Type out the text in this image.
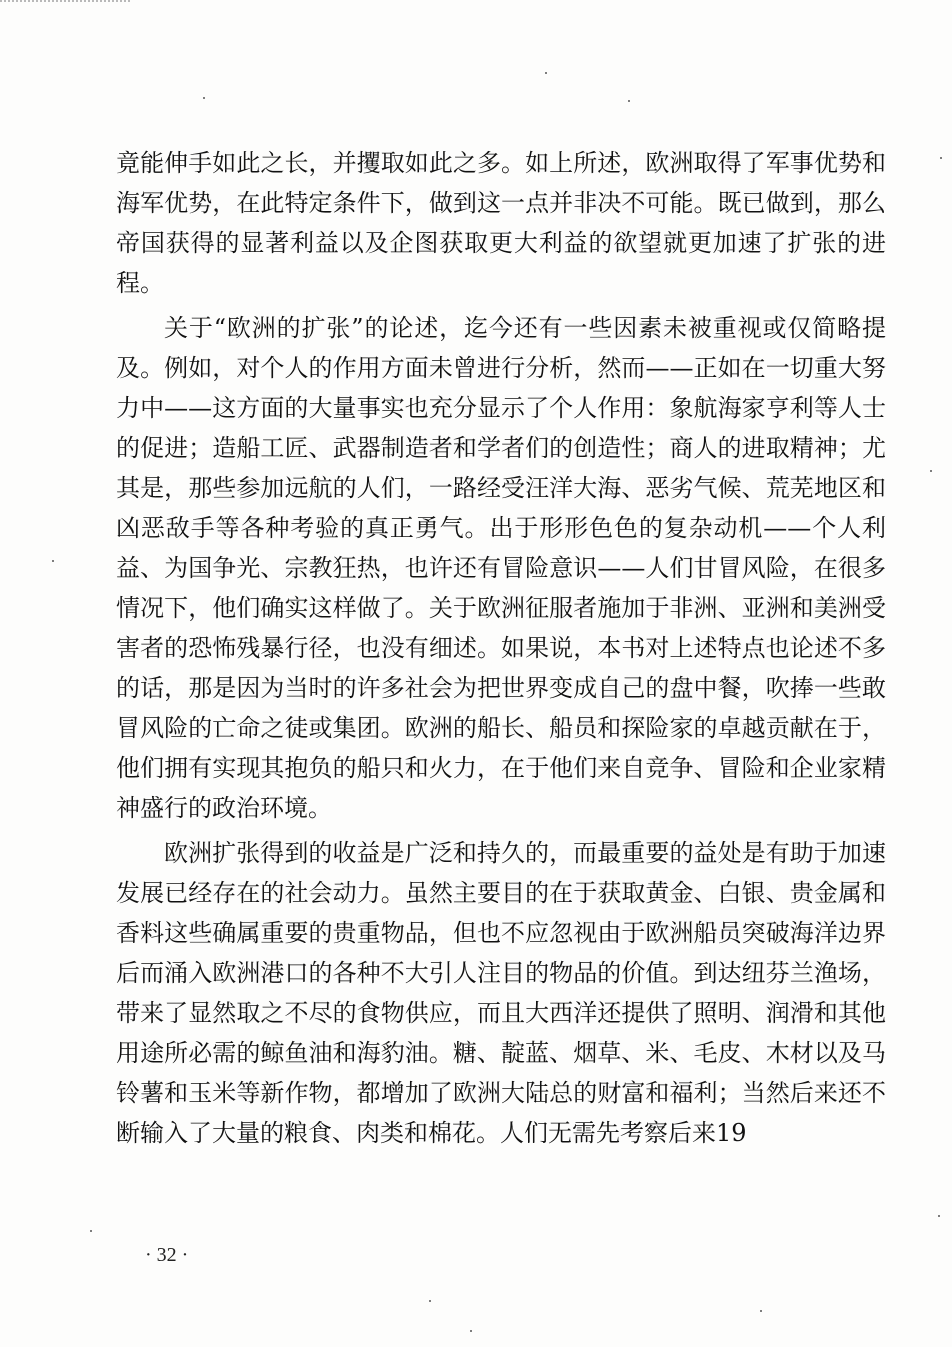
竟能伸手如此之长，并攫取如此之多。如上所述，欧洲取得了军事优势和海军优势，在此特定条件下，做到这一点并非决不可能。既已做到，那么帝国获得的显著利益以及企图获取更大利益的欲望就更加速了扩张的进程。

关于“欧洲的扩张”的论述，迄今还有一些因素未被重视或仅简略提及。例如，对个人的作用方面未曾进行分析，然而——正如在一切重大努力中——这方面的大量事实也充分显示了个人作用：象航海家亨利等人士的促进；造船工匠、武器制造者和学者们的创造性；商人的进取精神；尤其是，那些参加远航的人们，一路经受汪洋大海、恶劣气候、荒芜地区和凶恶敌手等各种考验的真正勇气。出于形形色色的复杂动机——个人利益、为国争光、宗教狂热，也许还有冒险意识——人们甘冒风险，在很多情况下，他们确实这样做了。关于欧洲征服者施加于非洲、亚洲和美洲受害者的恐怖残暴行径，也没有细述。如果说，本书对上述特点也论述不多的话，那是因为当时的许多社会为把世界变成自己的盘中餐，吹捧一些敢冒风险的亡命之徒或集团。欧洲的船长、船员和探险家的卓越贡献在于，他们拥有实现其抱负的船只和火力，在于他们来自竞争、冒险和企业家精神盛行的政治环境。

欧洲扩张得到的收益是广泛和持久的，而最重要的益处是有助于加速发展已经存在的社会动力。虽然主要目的在于获取黄金、白银、贵金属和香料这些确属重要的贵重物品，但也不应忽视由于欧洲船员突破海洋边界后而涌入欧洲港口的各种不大引人注目的物品的价值。到达纽芬兰渔场，带来了显然取之不尽的食物供应，而且大西洋还提供了照明、润滑和其他用途所必需的鲸鱼油和海豹油。糖、靛蓝、烟草、米、毛皮、木材以及马铃薯和玉米等新作物，都增加了欧洲大陆总的财富和福利；当然后来还不断输入了大量的粮食、肉类和棉花。人们无需先考察后来19

· 32 ·
